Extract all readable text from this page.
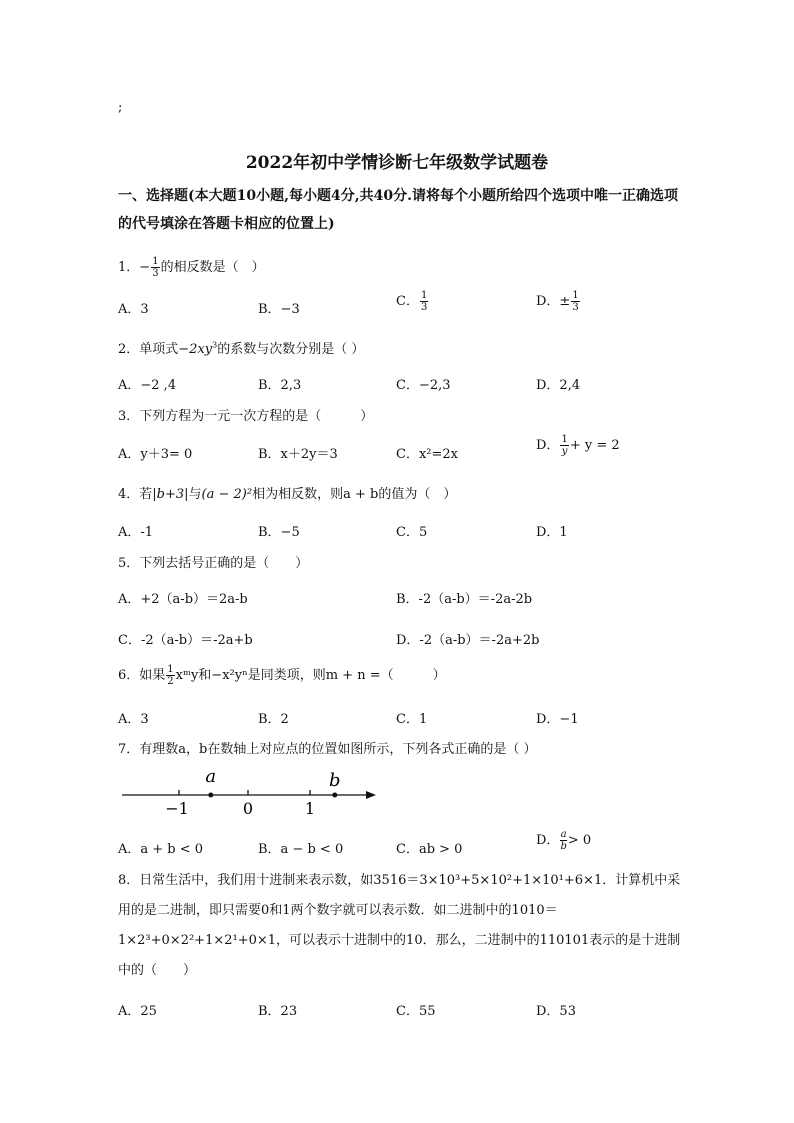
;
2022年初中学情诊断七年级数学试题卷
一、选择题(本大题10小题,每小题4分,共40分.请将每个小题所给四个选项中唯一正确选项的代号填涂在答题卡相应的位置上)
1．− $\frac{1}{3}$ 的相反数是（　）
A．3	B．−3
C． $\frac{1}{3}$	D．± $\frac{1}{3}$
2．单项式$-2xy^3$的系数与次数分别是（ ）
A．−2 ,4	B．2,3	C．−2,3	D．2,4
3．下列方程为一元一次方程的是（　　　）
A．y＋3= 0	B．x＋2y＝3	C．x²=2x
D． $\frac{1}{y}+ y = 2$
4．若|b+3|与(a − 2)²相为相反数，则a + b的值为（　）
A．-1	B．−5	C．5	D．1
5．下列去括号正确的是（　　）
A．+2（a-b）＝2a-b	B．-2（a-b）＝-2a-2b
C．-2（a-b）＝-2a+b	D．-2（a-b）＝-2a+2b
6．如果 $\frac{1}{2}$ xᵐy和−x²yⁿ是同类项，则m + n =（　　　）
A．3	B．2	C．1	D．−1
7．有理数a，b在数轴上对应点的位置如图所示，下列各式正确的是（ ）
a	b
−1	0	1
A．a + b < 0	B．a − b < 0	C．ab > 0
D． $\frac{a}{b} > 0$
8．日常生活中，我们用十进制来表示数，如3516＝3×10³+5×10²+1×10¹+6×1．计算机中采用的是二进制，即只需要0和1两个数字就可以表示数．如二进制中的1010＝1×2³+0×2²+1×2¹+0×1，可以表示十进制中的10．那么，二进制中的110101表示的是十进制中的（　　）
A．25	B．23	C．55	D．53
